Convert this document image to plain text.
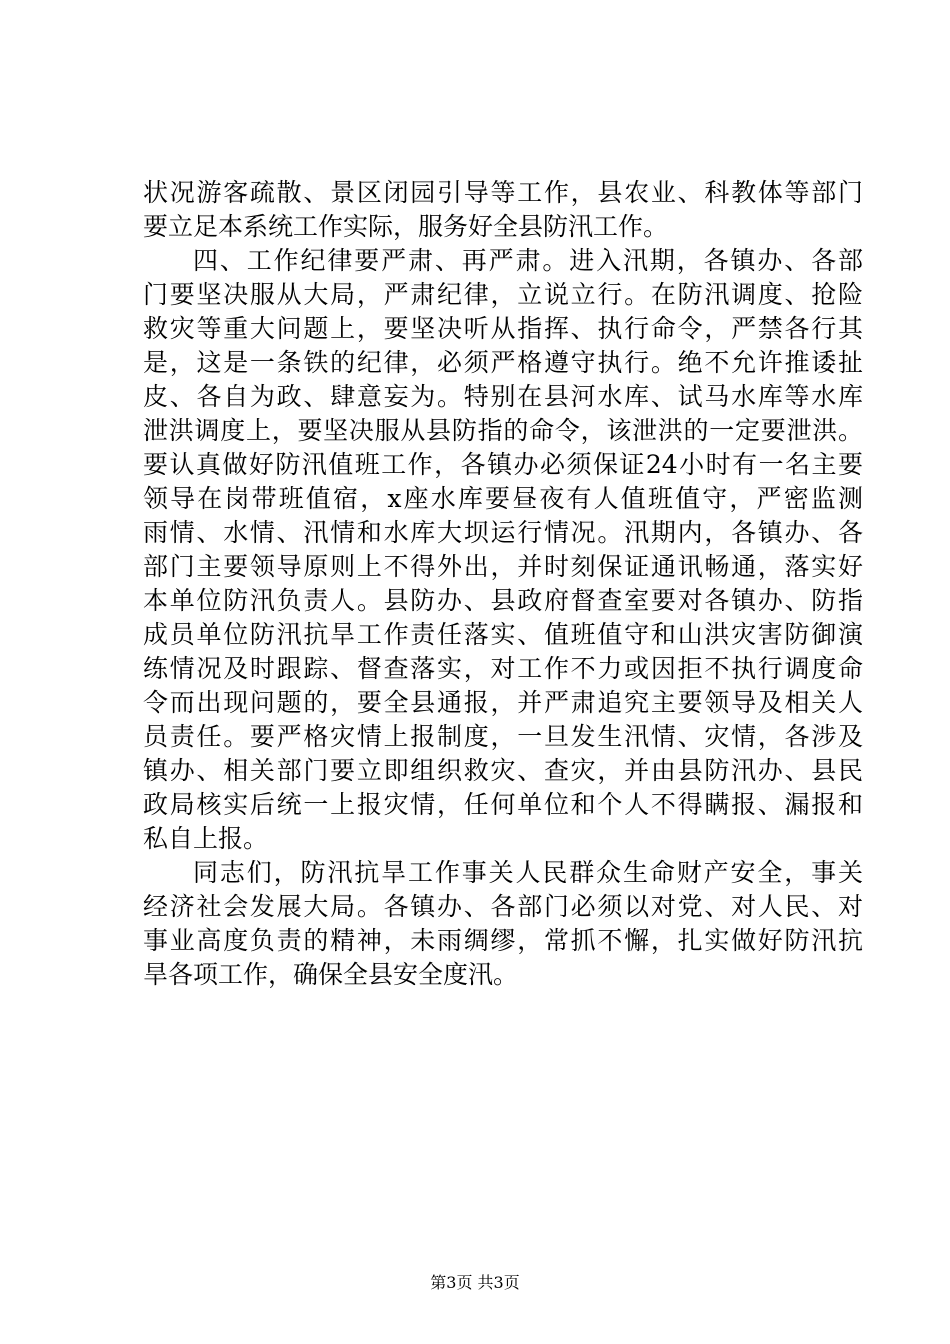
状况游客疏散、景区闭园引导等工作，县农业、科教体等部门
要立足本系统工作实际，服务好全县防汛工作。
四、工作纪律要严肃、再严肃。进入汛期，各镇办、各部
门要坚决服从大局，严肃纪律，立说立行。在防汛调度、抢险
救灾等重大问题上，要坚决听从指挥、执行命令，严禁各行其
是，这是一条铁的纪律，必须严格遵守执行。绝不允许推诿扯
皮、各自为政、肆意妄为。特别在县河水库、试马水库等水库
泄洪调度上，要坚决服从县防指的命令，该泄洪的一定要泄洪。
要认真做好防汛值班工作，各镇办必须保证24小时有一名主要
领导在岗带班值宿，x座水库要昼夜有人值班值守，严密监测
雨情、水情、汛情和水库大坝运行情况。汛期内，各镇办、各
部门主要领导原则上不得外出，并时刻保证通讯畅通，落实好
本单位防汛负责人。县防办、县政府督查室要对各镇办、防指
成员单位防汛抗旱工作责任落实、值班值守和山洪灾害防御演
练情况及时跟踪、督查落实，对工作不力或因拒不执行调度命
令而出现问题的，要全县通报，并严肃追究主要领导及相关人
员责任。要严格灾情上报制度，一旦发生汛情、灾情，各涉及
镇办、相关部门要立即组织救灾、查灾，并由县防汛办、县民
政局核实后统一上报灾情，任何单位和个人不得瞒报、漏报和
私自上报。
同志们，防汛抗旱工作事关人民群众生命财产安全，事关
经济社会发展大局。各镇办、各部门必须以对党、对人民、对
事业高度负责的精神，未雨绸缪，常抓不懈，扎实做好防汛抗
旱各项工作，确保全县安全度汛。
第3页 共3页
